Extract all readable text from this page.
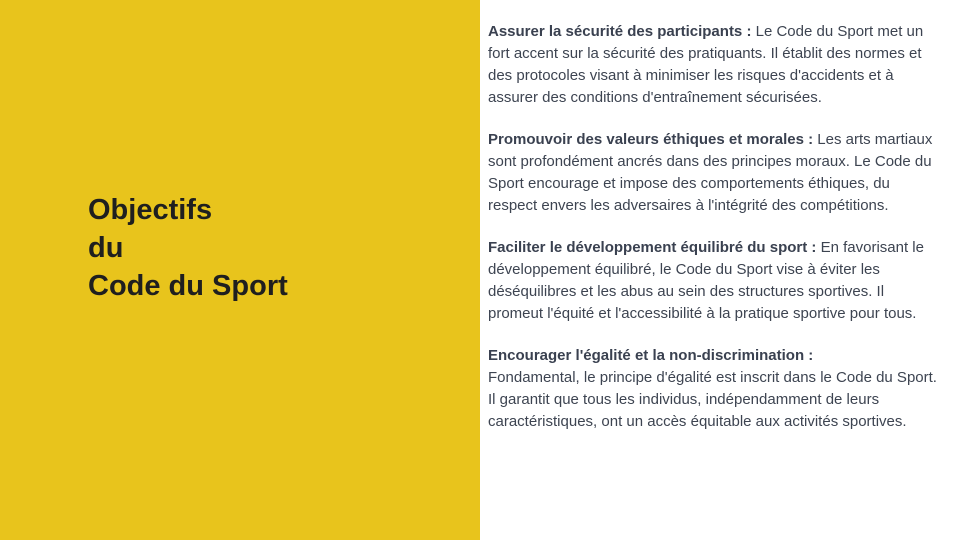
Objectifs
du
Code du Sport

Assurer la sécurité des participants : Le Code du Sport met un fort accent sur la sécurité des pratiquants. Il établit des normes et des protocoles visant à minimiser les risques d'accidents et à assurer des conditions d'entraînement sécurisées.

Promouvoir des valeurs éthiques et morales : Les arts martiaux sont profondément ancrés dans des principes moraux. Le Code du Sport encourage et impose des comportements éthiques, du respect envers les adversaires à l'intégrité des compétitions.

Faciliter le développement équilibré du sport : En favorisant le développement équilibré, le Code du Sport vise à éviter les déséquilibres et les abus au sein des structures sportives. Il promeut l'équité et l'accessibilité à la pratique sportive pour tous.

Encourager l'égalité et la non-discrimination :
Fondamental, le principe d'égalité est inscrit dans le Code du Sport. Il garantit que tous les individus, indépendamment de leurs caractéristiques, ont un accès équitable aux activités sportives.
